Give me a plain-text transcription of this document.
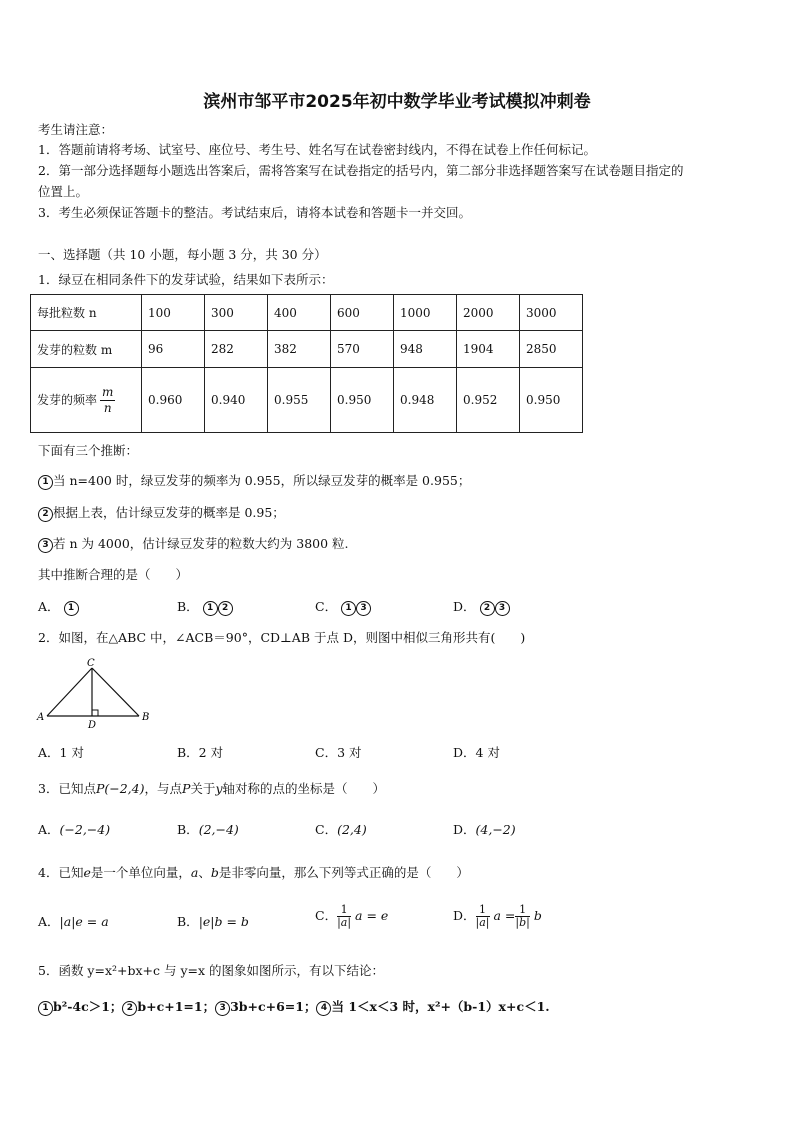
滨州市邹平市2025年初中数学毕业考试模拟冲刺卷
考生请注意：
1．答题前请将考场、试室号、座位号、考生号、姓名写在试卷密封线内，不得在试卷上作任何标记。
2．第一部分选择题每小题选出答案后，需将答案写在试卷指定的括号内，第二部分非选择题答案写在试卷题目指定的
位置上。
3．考生必须保证答题卡的整洁。考试结束后，请将本试卷和答题卡一并交回。
一、选择题（共 10 小题，每小题 3 分，共 30 分）
1．绿豆在相同条件下的发芽试验，结果如下表所示：
每批粒数 n	100	300	400	600	1000	2000	3000
发芽的粒数 m	96	282	382	570	948	1904	2850
发芽的频率 $\frac{m}{n}$	0.960	0.940	0.955	0.950	0.948	0.952	0.950
下面有三个推断：
1 当 n=400 时，绿豆发芽的频率为 0.955，所以绿豆发芽的概率是 0.955；
2 根据上表，估计绿豆发芽的概率是 0.95；
3 若 n 为 4000，估计绿豆发芽的粒数大约为 3800 粒.
其中推断合理的是（　　）
A． 1	B． 1 2	C． 1 3	D． 2 3
2．如图，在△ABC 中，∠ACB＝90°，CD⊥AB 于点 D，则图中相似三角形共有(　　)
C
A
D
B
A．1 对	B．2 对	C．3 对	D．4 对
3．已知点P(−2,4)，与点P关于y轴对称的点的坐标是（　　）
A．(−2,−4)	B．(2,−4)	C．(2,4)	D．(4,−2)
4．已知e是一个单位向量，a、b是非零向量，那么下列等式正确的是（　　）
A．|a|e = a	B．|e|b = b	C． $\frac{1}{|a|}$ a = e	D． $\frac{1}{|a|}$ $a = \frac{1}{|b|}$ b
5．函数 y=x²+bx+c 与 y=x 的图象如图所示，有以下结论：
1 b²-4c＞1； 2 b+c+1=1； 3 3b+c+6=1； 4 当 1＜x＜3 时，x²+（b-1）x+c＜1.
